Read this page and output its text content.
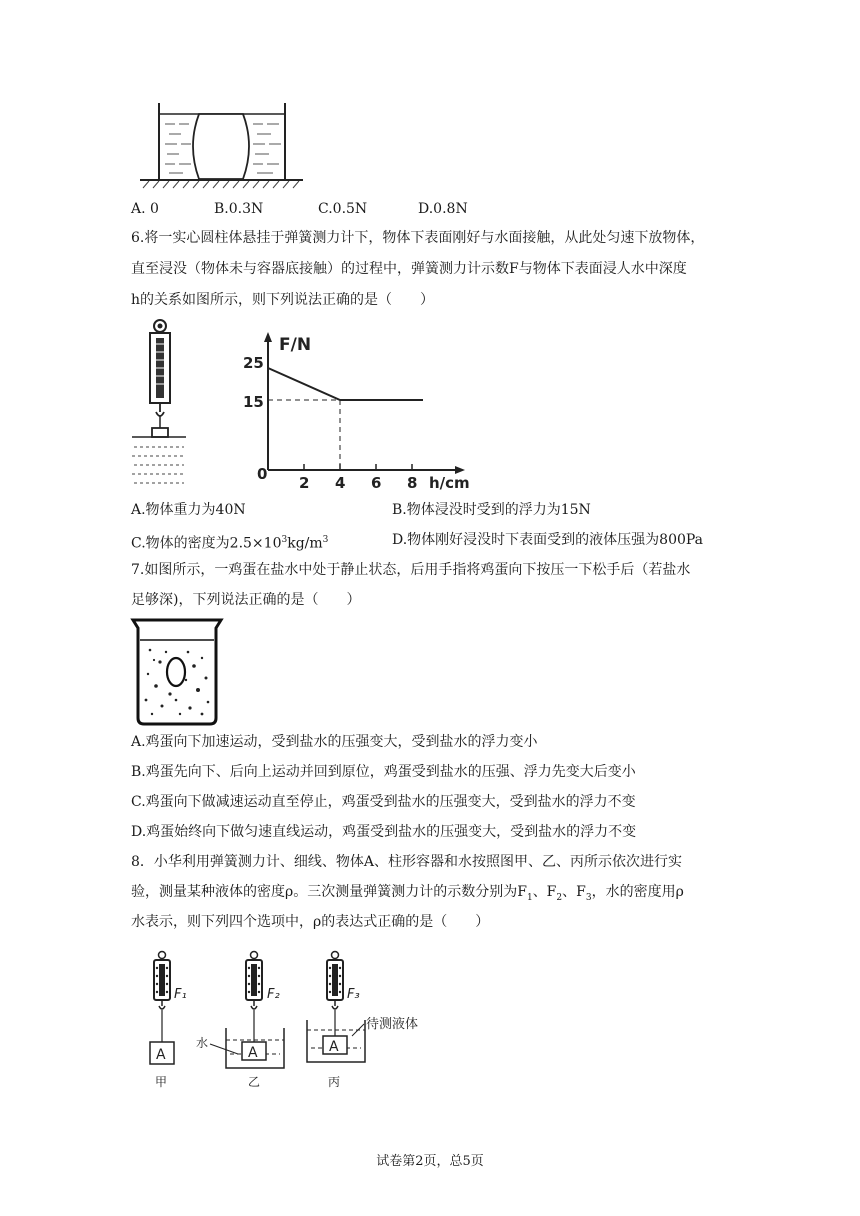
A. 0	B.0.3N	C.0.5N	D.0.8N
6.将一实心圆柱体悬挂于弹簧测力计下，物体下表面刚好与水面接触，从此处匀速下放物体，
直至浸没（物体未与容器底接触）的过程中，弹簧测力计示数F与物体下表面浸人水中深度
h的关系如图所示，则下列说法正确的是（　　）
F/N
25
15
0 2 4 6 8 h/cm
A.物体重力为40N	B.物体浸没时受到的浮力为15N
C.物体的密度为$2.5\times 10^3kg/m^3$	D.物体刚好浸没时下表面受到的液体压强为800Pa
7.如图所示，一鸡蛋在盐水中处于静止状态，后用手指将鸡蛋向下按压一下松手后（若盐水
足够深)，下列说法正确的是（　　）
A.鸡蛋向下加速运动，受到盐水的压强变大，受到盐水的浮力变小
B.鸡蛋先向下、后向上运动并回到原位，鸡蛋受到盐水的压强、浮力先变大后变小
C.鸡蛋向下做减速运动直至停止，鸡蛋受到盐水的压强变大，受到盐水的浮力不变
D.鸡蛋始终向下做匀速直线运动，鸡蛋受到盐水的压强变大，受到盐水的浮力不变
8．小华利用弹簧测力计、细线、物体A、柱形容器和水按照图甲、乙、丙所示依次进行实
验，测量某种液体的密度ρ。三次测量弹簧测力计的示数分别为$F_1$、$F_2$、$F_3$，水的密度用ρ
水表示，则下列四个选项中，ρ的表达式正确的是（　　）
A	A	A
F₁	F₂	F₃
水
待测液体
甲	乙	丙
试卷第2页，总5页
